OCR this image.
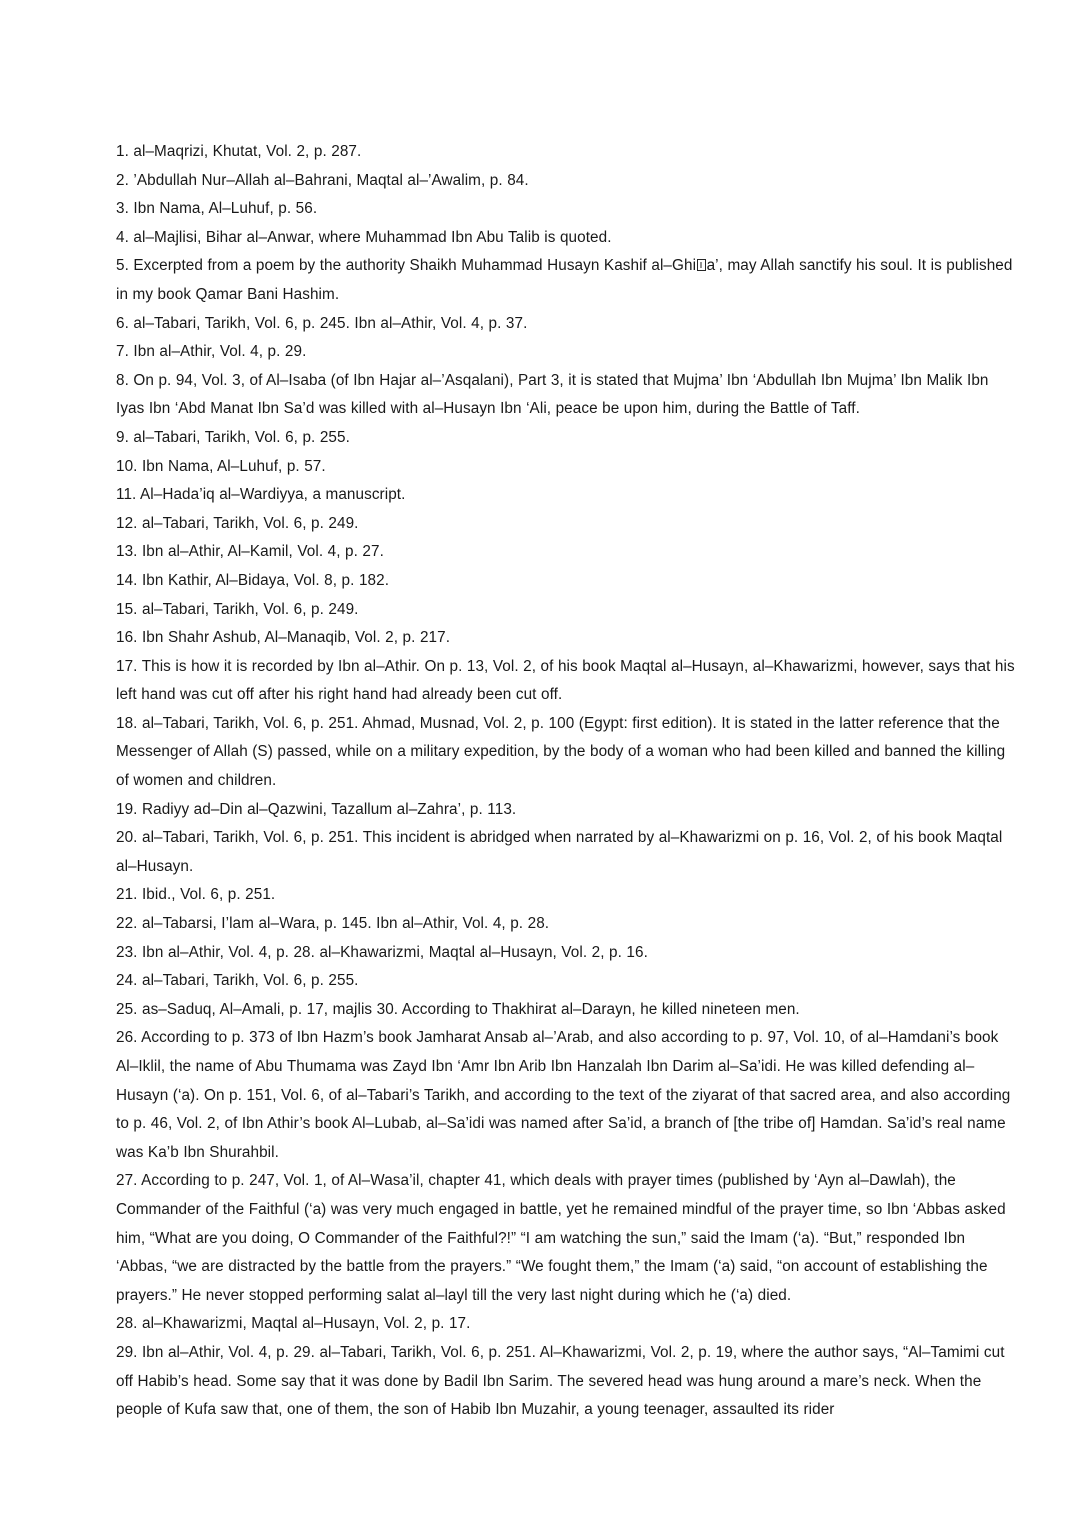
1. al–Maqrizi, Khutat, Vol. 2, p. 287.

2. ’Abdullah Nur–Allah al–Bahrani, Maqtal al–’Awalim, p. 84.

3. Ibn Nama, Al–Luhuf, p. 56.

4. al–Majlisi, Bihar al–Anwar, where Muhammad Ibn Abu Talib is quoted.

5. Excerpted from a poem by the authority Shaikh Muhammad Husayn Kashif al–Ghi a’, may Allah sanctify his soul. It is published in my book Qamar Bani Hashim.

6. al–Tabari, Tarikh, Vol. 6, p. 245. Ibn al–Athir, Vol. 4, p. 37.

7. Ibn al–Athir, Vol. 4, p. 29.

8. On p. 94, Vol. 3, of Al–Isaba (of Ibn Hajar al–’Asqalani), Part 3, it is stated that Mujma’ Ibn ‘Abdullah Ibn Mujma’ Ibn Malik Ibn Iyas Ibn ‘Abd Manat Ibn Sa’d was killed with al–Husayn Ibn ‘Ali, peace be upon him, during the Battle of Taff.

9. al–Tabari, Tarikh, Vol. 6, p. 255.

10. Ibn Nama, Al–Luhuf, p. 57.

11. Al–Hada’iq al–Wardiyya, a manuscript.

12. al–Tabari, Tarikh, Vol. 6, p. 249.

13. Ibn al–Athir, Al–Kamil, Vol. 4, p. 27.

14. Ibn Kathir, Al–Bidaya, Vol. 8, p. 182.

15. al–Tabari, Tarikh, Vol. 6, p. 249.

16. Ibn Shahr Ashub, Al–Manaqib, Vol. 2, p. 217.

17. This is how it is recorded by Ibn al–Athir. On p. 13, Vol. 2, of his book Maqtal al–Husayn, al–Khawarizmi, however, says that his left hand was cut off after his right hand had already been cut off.

18. al–Tabari, Tarikh, Vol. 6, p. 251. Ahmad, Musnad, Vol. 2, p. 100 (Egypt: first edition). It is stated in the latter reference that the Messenger of Allah (S) passed, while on a military expedition, by the body of a woman who had been killed and banned the killing of women and children.

19. Radiyy ad–Din al–Qazwini, Tazallum al–Zahra’, p. 113.

20. al–Tabari, Tarikh, Vol. 6, p. 251. This incident is abridged when narrated by al–Khawarizmi on p. 16, Vol. 2, of his book Maqtal al–Husayn.

21. Ibid., Vol. 6, p. 251.

22. al–Tabarsi, I’lam al–Wara, p. 145. Ibn al–Athir, Vol. 4, p. 28.

23. Ibn al–Athir, Vol. 4, p. 28. al–Khawarizmi, Maqtal al–Husayn, Vol. 2, p. 16.

24. al–Tabari, Tarikh, Vol. 6, p. 255.

25. as–Saduq, Al–Amali, p. 17, majlis 30. According to Thakhirat al–Darayn, he killed nineteen men.

26. According to p. 373 of Ibn Hazm’s book Jamharat Ansab al–’Arab, and also according to p. 97, Vol. 10, of al–Hamdani’s book Al–Iklil, the name of Abu Thumama was Zayd Ibn ‘Amr Ibn Arib Ibn Hanzalah Ibn Darim al–Sa’idi. He was killed defending al–Husayn (‘a). On p. 151, Vol. 6, of al–Tabari’s Tarikh, and according to the text of the ziyarat of that sacred area, and also according to p. 46, Vol. 2, of Ibn Athir’s book Al–Lubab, al–Sa’idi was named after Sa’id, a branch of [the tribe of] Hamdan. Sa’id’s real name was Ka’b Ibn Shurahbil.

27. According to p. 247, Vol. 1, of Al–Wasa’il, chapter 41, which deals with prayer times (published by ‘Ayn al–Dawlah), the Commander of the Faithful (‘a) was very much engaged in battle, yet he remained mindful of the prayer time, so Ibn ‘Abbas asked him, “What are you doing, O Commander of the Faithful?!” “I am watching the sun,” said the Imam (‘a). “But,” responded Ibn ‘Abbas, “we are distracted by the battle from the prayers.” “We fought them,” the Imam (‘a) said, “on account of establishing the prayers.” He never stopped performing salat al–layl till the very last night during which he (‘a) died.

28. al–Khawarizmi, Maqtal al–Husayn, Vol. 2, p. 17.

29. Ibn al–Athir, Vol. 4, p. 29. al–Tabari, Tarikh, Vol. 6, p. 251. Al–Khawarizmi, Vol. 2, p. 19, where the author says, “Al–Tamimi cut off Habib’s head. Some say that it was done by Badil Ibn Sarim. The severed head was hung around a mare’s neck. When the people of Kufa saw that, one of them, the son of Habib Ibn Muzahir, a young teenager, assaulted its rider
